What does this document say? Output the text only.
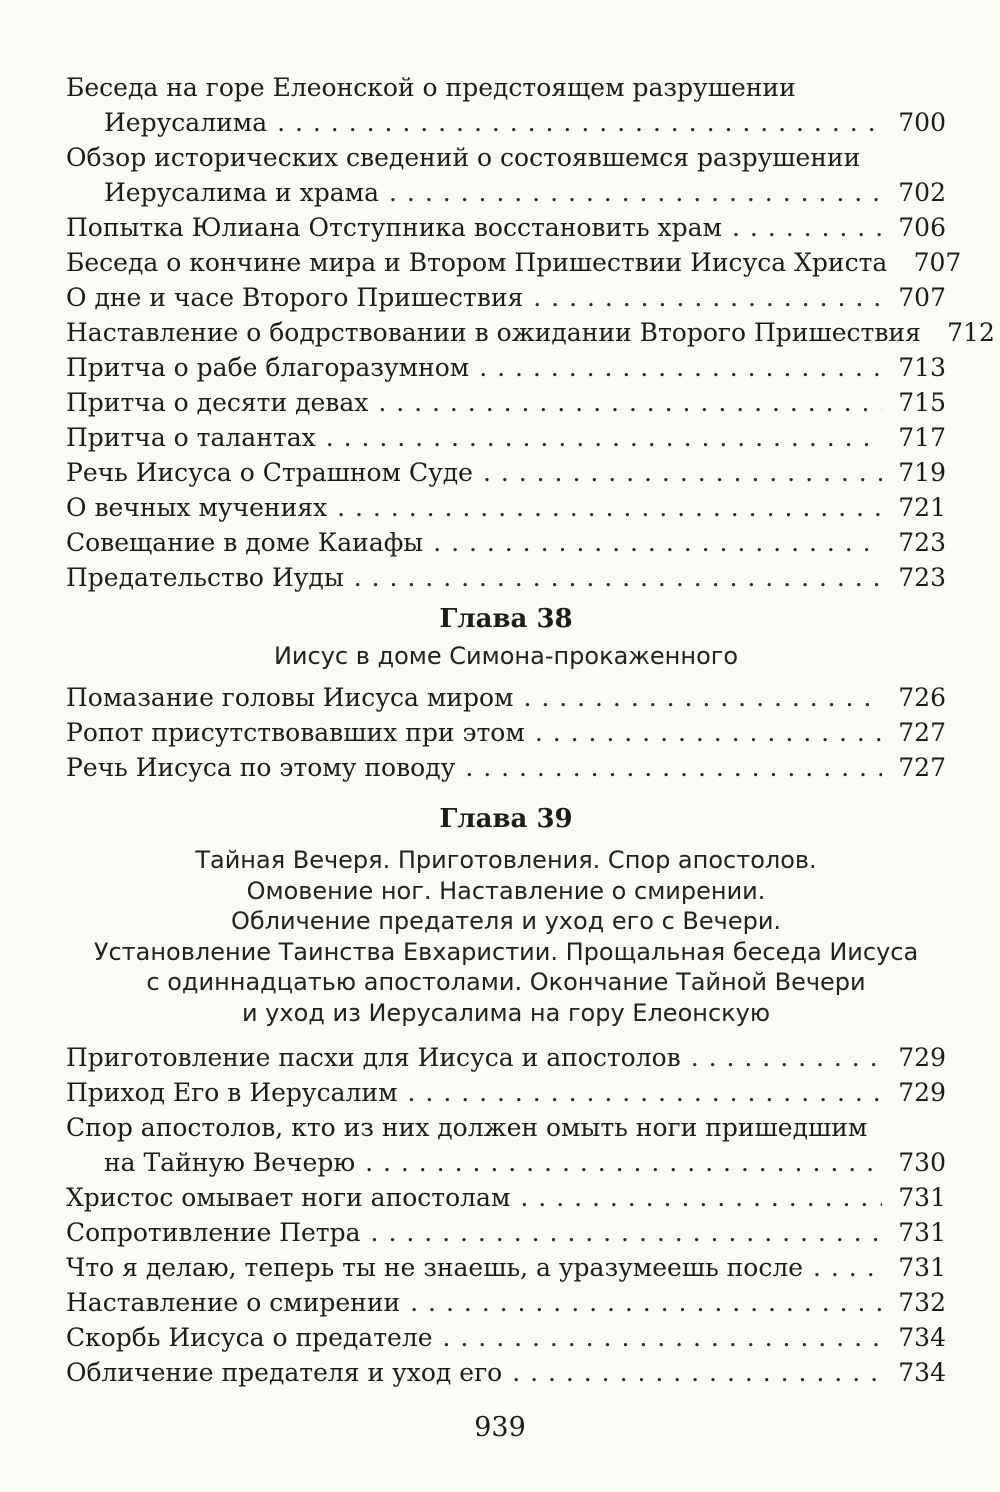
Беседа на горе Елеонской о предстоящем разрушении
Иерусалима . . .	700
Обзор исторических сведений о состоявшемся разрушении
Иерусалима и храма . . .	702
Попытка Юлиана Отступника восстановить храм . . .	706
Беседа о кончине мира и Втором Пришествии Иисуса Христа 707
О дне и часе Второго Пришествия . . .	707
Наставление о бодрствовании в ожидании Второго Пришествия 712
Притча о рабе благоразумном . . .	713
Притча о десяти девах . . .	715
Притча о талантах . . .	717
Речь Иисуса о Страшном Суде . . .	719
О вечных мучениях . . .	721
Совещание в доме Каиафы . . .	723
Предательство Иуды . . .	723
Глава 38
Иисус в доме Симона-прокаженного
Помазание головы Иисуса миром . . .	726
Ропот присутствовавших при этом . . .	727
Речь Иисуса по этому поводу . . .	727
Глава 39
Тайная Вечеря. Приготовления. Спор апостолов.
Омовение ног. Наставление о смирении.
Обличение предателя и уход его с Вечери.
Установление Таинства Евхаристии. Прощальная беседа Иисуса
с одиннадцатью апостолами. Окончание Тайной Вечери
и уход из Иерусалима на гору Елеонскую
Приготовление пасхи для Иисуса и апостолов . . .	729
Приход Его в Иерусалим . . .	729
Спор апостолов, кто из них должен омыть ноги пришедшим
на Тайную Вечерю . . .	730
Христос омывает ноги апостолам . . .	731
Сопротивление Петра . . .	731
Что я делаю, теперь ты не знаешь, а уразумеешь после . . .	731
Наставление о смирении . . .	732
Скорбь Иисуса о предателе . . .	734
Обличение предателя и уход его . . .	734
939
